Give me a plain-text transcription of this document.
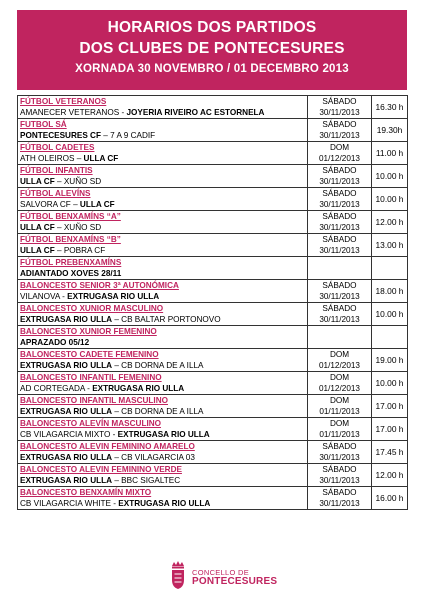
HORARIOS DOS PARTIDOS
DOS CLUBES DE PONTECESURES
XORNADA 30 NOVEMBRO / 01 DECEMBRO 2013
FÚTBOL VETERANOS
AMANECER VETERANOS - JOYERIA RIVEIRO AC ESTORNELA	SÁBADO
30/11/2013	16.30 h

FUTBOL SÁ
PONTECESURES CF – 7 A 9 CADIF	SÁBADO
30/11/2013	19.30h

FÚTBOL CADETES
ATH OLEIROS – ULLA CF	DOM
01/12/2013	11.00 h

FÚTBOL INFANTIS
ULLA CF – XUÑO SD	SÁBADO
30/11/2013	10.00 h

FÚTBOL ALEVÍNS
SALVORA CF – ULLA CF	SÁBADO
30/11/2013	10.00 h

FÚTBOL BENXAMÍNS “A”
ULLA CF – XUÑO SD	SÁBADO
30/11/2013	12.00 h

FÚTBOL BENXAMÍNS “B”
ULLA CF – POBRA CF	SÁBADO
30/11/2013	13.00 h

FÚTBOL PREBENXAMÍNS
ADIANTADO XOVES 28/11		

BALONCESTO SENIOR 3ª AUTONÓMICA
VILANOVA - EXTRUGASA RIO ULLA	SÁBADO
30/11/2013	18.00 h

BALONCESTO XUNIOR MASCULINO
EXTRUGASA RIO ULLA – CB BALTAR PORTONOVO	SÁBADO
30/11/2013	10.00 h

BALONCESTO XUNIOR FEMENINO
APRAZADO 05/12		

BALONCESTO CADETE FEMENINO
EXTRUGASA RIO ULLA – CB DORNA DE A ILLA	DOM
01/12/2013	19.00 h

BALONCESTO INFANTIL FEMENINO
AD CORTEGADA - EXTRUGASA RIO ULLA	DOM
01/12/2013	10.00 h

BALONCESTO INFANTIL MASCULINO
EXTRUGASA RIO ULLA – CB DORNA DE A ILLA	DOM
01/11/2013	17.00 h

BALONCESTO ALEVÍN MASCULINO
CB VILAGARCIA MIXTO - EXTRUGASA RIO ULLA	DOM
01/11/2013	17.00 h

BALONCESTO ALEVIN FEMININO AMARELO
EXTRUGASA RIO ULLA – CB VILAGARCIA 03	SÁBADO
30/11/2013	17.45 h

BALONCESTO ALEVIN FEMININO VERDE
EXTRUGASA RIO ULLA – BBC SIGALTEC	SÁBADO
30/11/2013	12.00 h

BALONCESTO BENXAMÍN MIXTO
CB VILAGARCIA WHITE - EXTRUGASA RIO ULLA	SÁBADO
30/11/2013	16.00 h
CONCELLO DE
PONTECESURES
